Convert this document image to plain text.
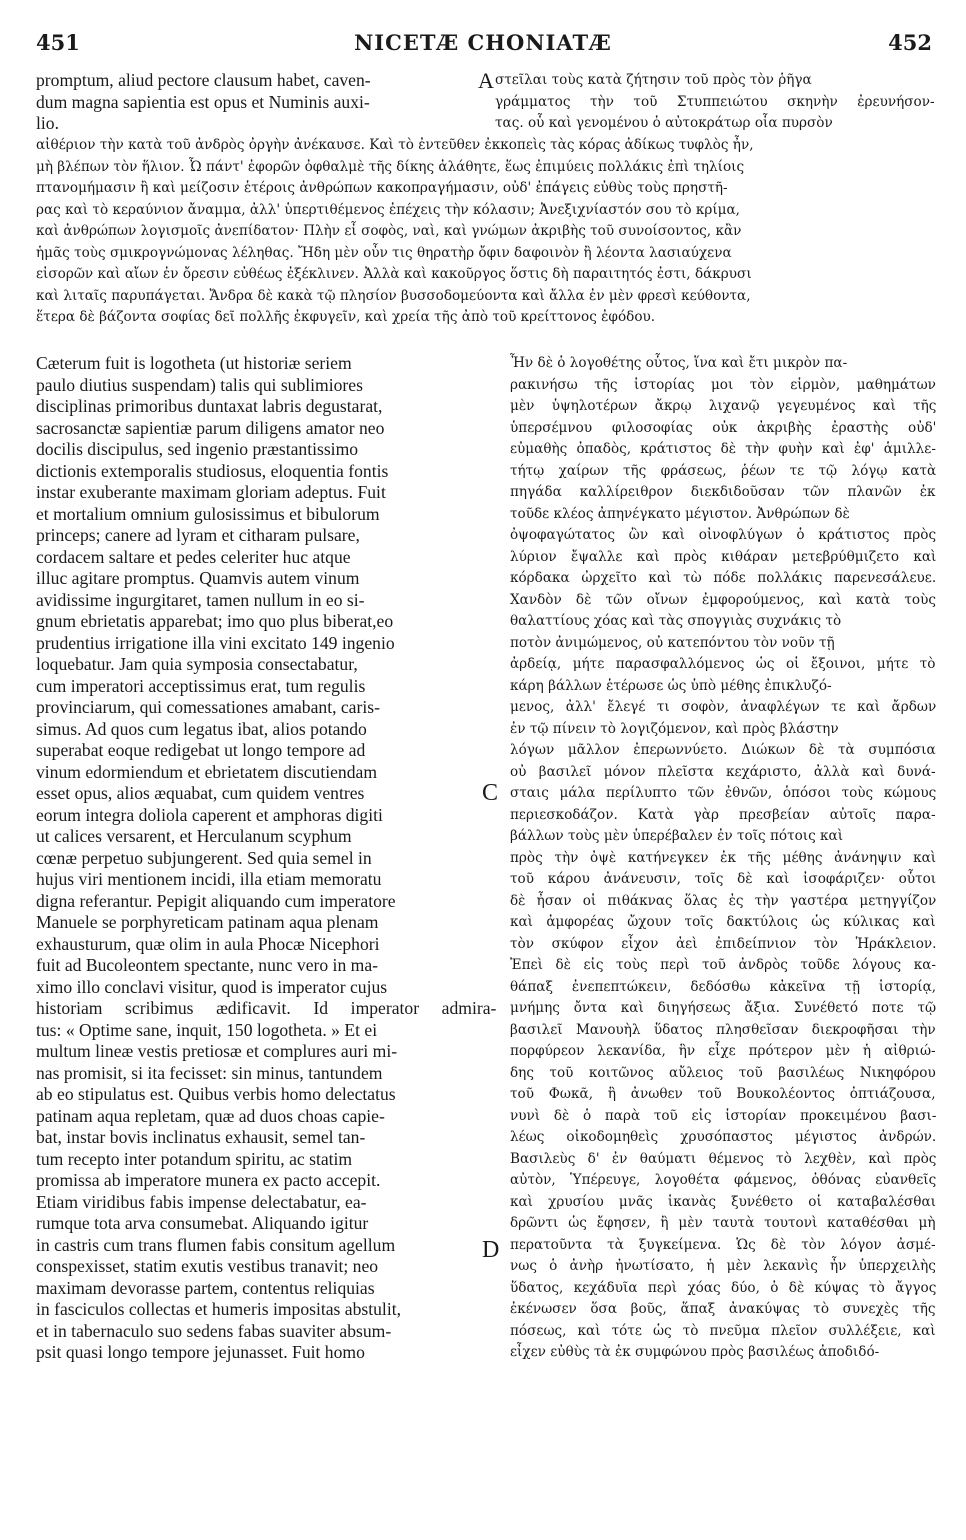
451	NICETÆ CHONIATÆ	452
A
C
D
promptum, aliud pectore clausum habet, caven-
dum magna sapientia est opus et Numinis auxi-
lio.
στεῖλαι τοὺς κατὰ ζήτησιν τοῦ πρὸς τὸν ῥῆγα
γράμματος τὴν τοῦ Στυππειώτου σκηνὴν ἐρευνήσον-
τας. οὗ καὶ γενομένου ὁ αὐτοκράτωρ οἷα πυρσὸν
αἰθέριον τὴν κατὰ τοῦ ἀνδρὸς ὀργὴν ἀνέκαυσε. Καὶ τὸ ἐντεῦθεν ἐκκοπεὶς τὰς κόρας ἀδίκως τυφλὸς ἦν,
μὴ βλέπων τὸν ἥλιον. Ὦ πάντ' ἐφορῶν ὀφθαλμὲ τῆς δίκης ἀλάθητε, ἕως ἐπιμύεις πολλάκις ἐπὶ τηλίοις
πτανομήμασιν ἢ καὶ μείζοσιν ἑτέροις ἀνθρώπων κακοπραγήμασιν, οὐδ' ἐπάγεις εὐθὺς τοὺς πρηστῆ-
ρας καὶ τὸ κεραύνιον ἄναμμα, ἀλλ' ὑπερτιθέμενος ἐπέχεις τὴν κόλασιν; Ἀνεξιχνίαστόν σου τὸ κρίμα,
καὶ ἀνθρώπων λογισμοῖς ἀνεπίδατον· Πλὴν εἶ σοφὸς, ναὶ, καὶ γνώμων ἀκριβὴς τοῦ συνοίσοντος, κἂν
ἡμᾶς τοὺς σμικρογνώμονας λέληθας. Ἤδη μὲν οὖν τις θηρατὴρ ὄφιν δαφοινὸν ἢ λέοντα λασιαύχενα
εἰσορῶν καὶ αἴων ἐν ὄρεσιν εὐθέως ἐξέκλινεν. Ἀλλὰ καὶ κακοῦργος ὅστις δὴ παραιτητός ἐστι, δάκρυσι
καὶ λιταῖς παρυπάγεται. Ἄνδρα δὲ κακὰ τῷ πλησίον βυσσοδομεύοντα καὶ ἄλλα ἐν μὲν φρεσὶ κεύθοντα,
ἕτερα δὲ βάζοντα σοφίας δεῖ πολλῆς ἐκφυγεῖν, καὶ χρεία τῆς ἀπὸ τοῦ κρείττονος ἐφόδου.
Cæterum fuit is logotheta (ut historiæ seriem
paulo diutius suspendam) talis qui sublimiores
disciplinas primoribus duntaxat labris degustarat,
sacrosanctæ sapientiæ parum diligens amator neo
docilis discipulus, sed ingenio præstantissimo
dictionis extemporalis studiosus, eloquentia fontis
instar exuberante maximam gloriam adeptus. Fuit
et mortalium omnium gulosissimus et bibulorum
princeps; canere ad lyram et citharam pulsare,
cordacem saltare et pedes celeriter huc atque
illuc agitare promptus. Quamvis autem vinum
avidissime ingurgitaret, tamen nullum in eo si-
gnum ebrietatis apparebat; imo quo plus biberat,eo
prudentius irrigatione illa vini excitato 149 ingenio
loquebatur. Jam quia symposia consectabatur,
cum imperatori acceptissimus erat, tum regulis
provinciarum, qui comessationes amabant, caris-
simus. Ad quos cum legatus ibat, alios potando
superabat eoque redigebat ut longo tempore ad
vinum edormiendum et ebrietatem discutiendam
esset opus, alios æquabat, cum quidem ventres
eorum integra doliola caperent et amphoras digiti
ut calices versarent, et Herculanum scyphum
cœnæ perpetuo subjungerent. Sed quia semel in
hujus viri mentionem incidi, illa etiam memoratu
digna referantur. Pepigit aliquando cum imperatore
Manuele se porphyreticam patinam aqua plenam
exhausturum, quæ olim in aula Phocæ Nicephori
fuit ad Bucoleontem spectante, nunc vero in ma-
ximo illo conclavi visitur, quod is imperator cujus
historiam scribimus ædificavit. Id imperator admira-
tus: « Optime sane, inquit, 150 logotheta. » Et ei
multum lineæ vestis pretiosæ et complures auri mi-
nas promisit, si ita fecisset: sin minus, tantundem
ab eo stipulatus est. Quibus verbis homo delectatus
patinam aqua repletam, quæ ad duos choas capie-
bat, instar bovis inclinatus exhausit, semel tan-
tum recepto inter potandum spiritu, ac statim
promissa ab imperatore munera ex pacto accepit.
Etiam viridibus fabis impense delectabatur, ea-
rumque tota arva consumebat. Aliquando igitur
in castris cum trans flumen fabis consitum agellum
conspexisset, statim exutis vestibus tranavit; neo
maximam devorasse partem, contentus reliquias
in fasciculos collectas et humeris impositas abstulit,
et in tabernaculo suo sedens fabas suaviter absum-
psit quasi longo tempore jejunasset. Fuit homo
Ἦν δὲ ὁ λογοθέτης οὗτος, ἵνα καὶ ἔτι μικρὸν πα-
ρακινήσω τῆς ἱστορίας μοι τὸν εἱρμὸν, μαθημάτων
μὲν ὑψηλοτέρων ἄκρῳ λιχανῷ γεγευμένος καὶ τῆς
ὑπερσέμνου φιλοσοφίας οὐκ ἀκριβὴς ἐραστὴς οὐδ'
εὐμαθὴς ὀπαδὸς, κράτιστος δὲ τὴν φυὴν καὶ ἐφ' ἁμιλλε-
τήτῳ χαίρων τῆς φράσεως, ῥέων τε τῷ λόγῳ κατὰ
πηγάδα καλλίρειθρον διεκδιδοῦσαν τῶν πλανῶν ἐκ
τοῦδε κλέος ἀπηνέγκατο μέγιστον. Ἀνθρώπων δὲ
ὀψοφαγώτατος ὢν καὶ οἰνοφλύγων ὁ κράτιστος πρὸς
λύριον ἔψαλλε καὶ πρὸς κιθάραν μετεβρύθμιζετο καὶ
κόρδακα ὠρχεῖτο καὶ τὼ πόδε πολλάκις παρενεσάλευε.
Χανδὸν δὲ τῶν οἴνων ἐμφορούμενος, καὶ κατὰ τοὺς
θαλαττίους χόας καὶ τὰς σπογγιὰς συχνάκις τὸ
ποτὸν ἀνιμώμενος, οὐ κατεπόντου τὸν νοῦν τῇ
ἀρδείᾳ, μήτε παρασφαλλόμενος ὡς οἱ ἔξοινοι, μήτε τὸ
κάρη βάλλων ἑτέρωσε ὡς ὑπὸ μέθης ἐπικλυζό-
μενος, ἀλλ' ἔλεγέ τι σοφὸν, ἀναφλέγων τε καὶ ἄρδων
ἐν τῷ πίνειν τὸ λογιζόμενον, καὶ πρὸς βλάστην
λόγων μᾶλλον ἐπερωννύετο. Διώκων δὲ τὰ συμπόσια
οὐ βασιλεῖ μόνον πλεῖστα κεχάριστο, ἀλλὰ καὶ δυνά-
σταις μάλα περίλυπτο τῶν ἐθνῶν, ὁπόσοι τοὺς κώμους
περιεσκοδάζον. Κατὰ γὰρ πρεσβείαν αὐτοῖς παρα-
βάλλων τοὺς μὲν ὑπερέβαλεν ἐν τοῖς πότοις καὶ
πρὸς τὴν ὀψὲ κατήνεγκεν ἐκ τῆς μέθης ἀνάνηψιν καὶ
τοῦ κάρου ἀνάνευσιν, τοῖς δὲ καὶ ἰσοφάριζεν· οὗτοι
δὲ ἦσαν οἱ πιθάκνας ὅλας ἐς τὴν γαστέρα μετηγγίζον
καὶ ἀμφορέας ὤχουν τοῖς δακτύλοις ὡς κύλικας καὶ
τὸν σκύφον εἶχον ἀεὶ ἐπιδείπνιον τὸν Ἡράκλειον.
Ἐπεὶ δὲ εἰς τοὺς περὶ τοῦ ἀνδρὸς τοῦδε λόγους κα-
θάπαξ ἐνεπεπτώκειν, δεδόσθω κἀκεῖνα τῇ ἱστορίᾳ,
μνήμης ὄντα καὶ διηγήσεως ἄξια. Συνέθετό ποτε τῷ
βασιλεῖ Μανουὴλ ὕδατος πλησθεῖσαν διεκροφῆσαι τὴν
πορφύρεον λεκανίδα, ἣν εἶχε πρότερον μὲν ἡ αἰθριώ-
δης τοῦ κοιτῶνος αὔλειος τοῦ βασιλέως Νικηφόρου
τοῦ Φωκᾶ, ἣ ἀνωθεν τοῦ Βουκολέοντος ὀπτιάζουσα,
νυνὶ δὲ ὁ παρὰ τοῦ εἰς ἱστορίαν προκειμένου βασι-
λέως οἰκοδομηθεὶς χρυσόπαστος μέγιστος ἀνδρών.
Βασιλεὺς δ' ἐν θαύματι θέμενος τὸ λεχθὲν, καὶ πρὸς
αὐτὸν, Ὑπέρευγε, λογοθέτα φάμενος, ὀθόνας εὐανθεῖς
καὶ χρυσίου μνᾶς ἱκανὰς ξυνέθετο οἱ καταβαλέσθαι
δρῶντι ὡς ἔφησεν, ἢ μὲν ταυτὰ τουτονὶ καταθέσθαι μὴ
περατοῦντα τὰ ξυγκείμενα. Ὡς δὲ τὸν λόγον ἀσμέ-
νως ὁ ἀνὴρ ἠνωτίσατο, ἡ μὲν λεκανὶς ἦν ὑπερχειλὴς
ὕδατος, κεχάδυῖα περὶ χόας δύο, ὁ δὲ κύψας τὸ ἄγγος
ἐκένωσεν ὅσα βοῦς, ἅπαξ ἀνακύψας τὸ συνεχὲς τῆς
πόσεως, καὶ τότε ὡς τὸ πνεῦμα πλεῖον συλλέξειε, καὶ
εἶχεν εὐθὺς τὰ ἐκ συμφώνου πρὸς βασιλέως ἀποδιδό-
